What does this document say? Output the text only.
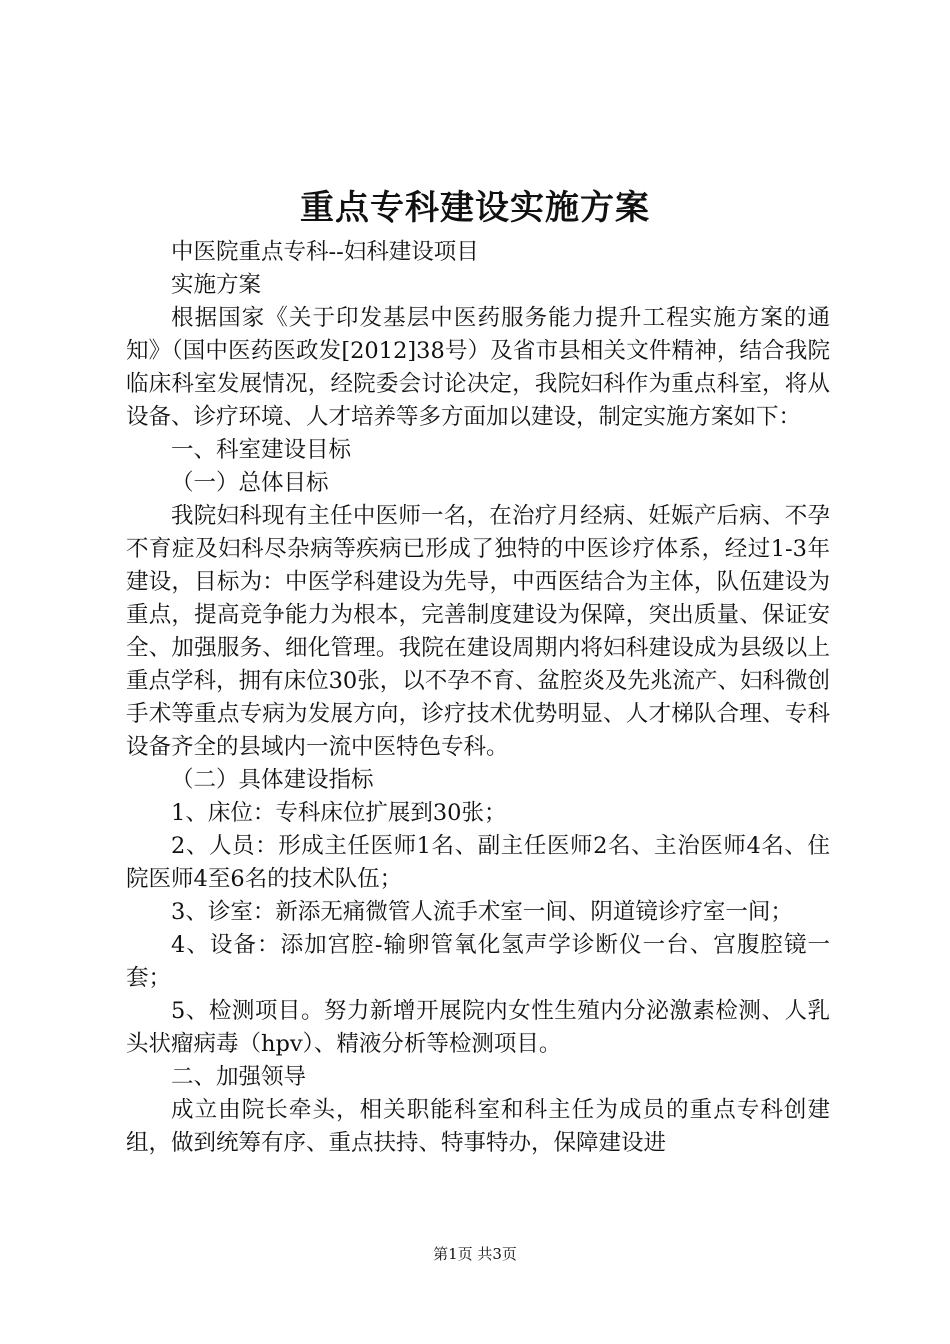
重点专科建设实施方案

中医院重点专科--妇科建设项目

实施方案

根据国家《关于印发基层中医药服务能力提升工程实施方案的通知》（国中医药医政发[2012]38号）及省市县相关文件精神，结合我院临床科室发展情况，经院委会讨论决定，我院妇科作为重点科室，将从设备、诊疗环境、人才培养等多方面加以建设，制定实施方案如下：

一、科室建设目标

（一）总体目标

我院妇科现有主任中医师一名，在治疗月经病、妊娠产后病、不孕不育症及妇科尽杂病等疾病已形成了独特的中医诊疗体系，经过1-3年建设，目标为：中医学科建设为先导，中西医结合为主体，队伍建设为重点，提高竞争能力为根本，完善制度建设为保障，突出质量、保证安全、加强服务、细化管理。我院在建设周期内将妇科建设成为县级以上重点学科，拥有床位30张，以不孕不育、盆腔炎及先兆流产、妇科微创手术等重点专病为发展方向，诊疗技术优势明显、人才梯队合理、专科设备齐全的县域内一流中医特色专科。

（二）具体建设指标

1、床位：专科床位扩展到30张；

2、人员：形成主任医师1名、副主任医师2名、主治医师4名、住院医师4至6名的技术队伍；

3、诊室：新添无痛微管人流手术室一间、阴道镜诊疗室一间；

4、设备：添加宫腔-输卵管氧化氢声学诊断仪一台、宫腹腔镜一套；

5、检测项目。努力新增开展院内女性生殖内分泌激素检测、人乳头状瘤病毒（hpv）、精液分析等检测项目。

二、加强领导

成立由院长牵头，相关职能科室和科主任为成员的重点专科创建组，做到统筹有序、重点扶持、特事特办，保障建设进

第1页 共3页
